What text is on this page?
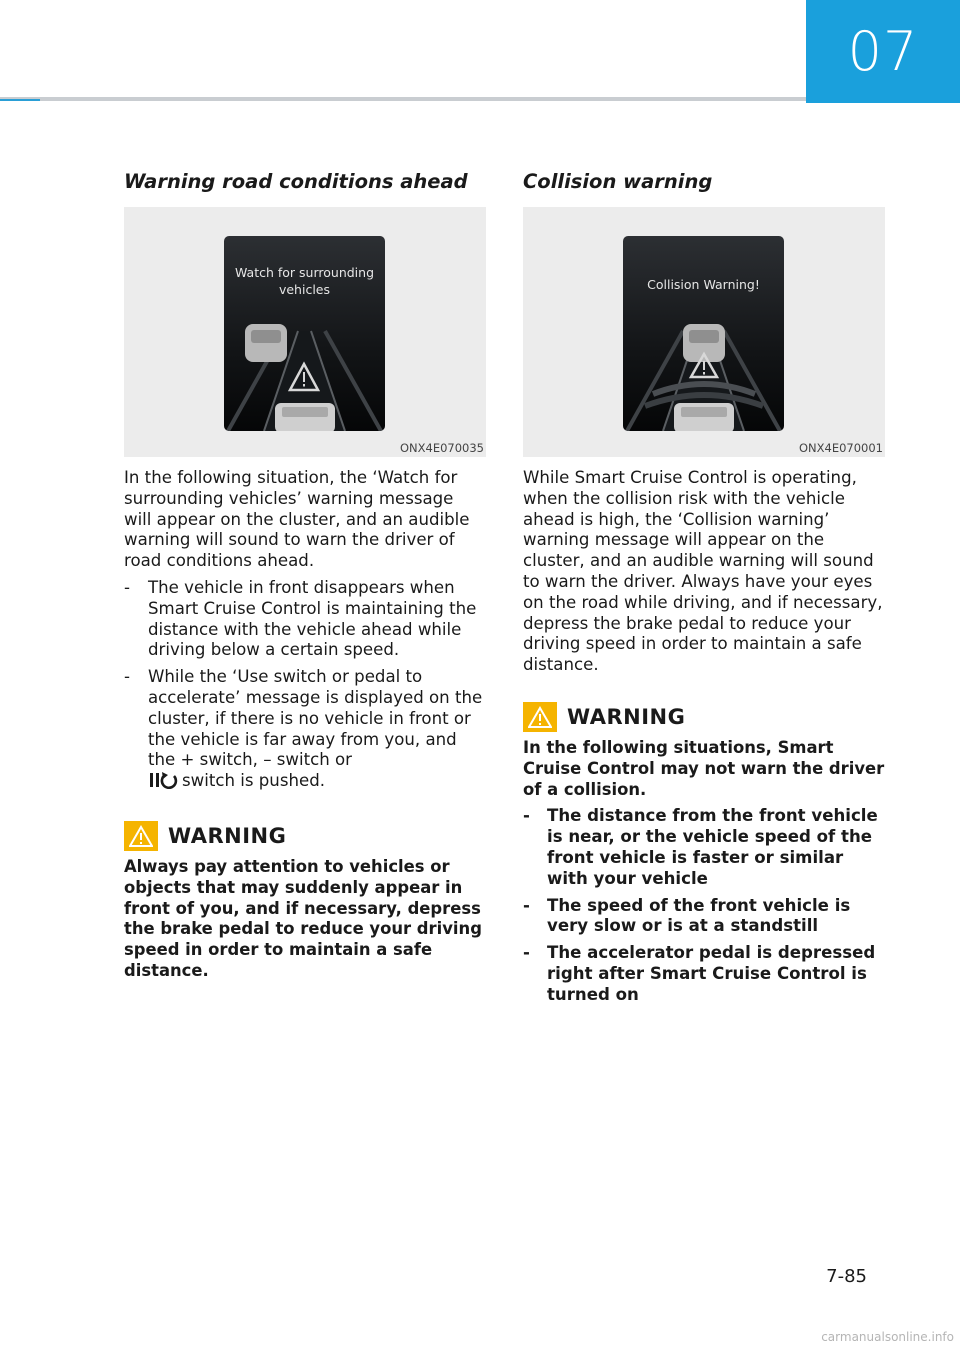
07
Warning road conditions ahead
Watch for surrounding
vehicles
ONX4E070035

In the following situation, the ‘Watch for surrounding vehicles’ warning message will appear on the cluster, and an audible warning will sound to warn the driver of road conditions ahead.

- The vehicle in front disappears when Smart Cruise Control is maintaining the distance with the vehicle ahead while driving below a certain speed.
- While the ‘Use switch or pedal to accelerate’ message is displayed on the cluster, if there is no vehicle in front or the vehicle is far away from you, and the + switch, – switch or
switch is pushed.
WARNING

Always pay attention to vehicles or objects that may suddenly appear in front of you, and if necessary, depress the brake pedal to reduce your driving speed in order to maintain a safe distance.

Collision warning
Collision Warning!
ONX4E070001

While Smart Cruise Control is operating, when the collision risk with the vehicle ahead is high, the ‘Collision warning’ warning message will appear on the cluster, and an audible warning will sound to warn the driver. Always have your eyes on the road while driving, and if necessary, depress the brake pedal to reduce your driving speed in order to maintain a safe distance.

WARNING

In the following situations, Smart Cruise Control may not warn the driver of a collision.

- The distance from the front vehicle is near, or the vehicle speed of the front vehicle is faster or similar with your vehicle
- The speed of the front vehicle is very slow or is at a standstill
- The accelerator pedal is depressed right after Smart Cruise Control is turned on
7-85
carmanualsonline.info
